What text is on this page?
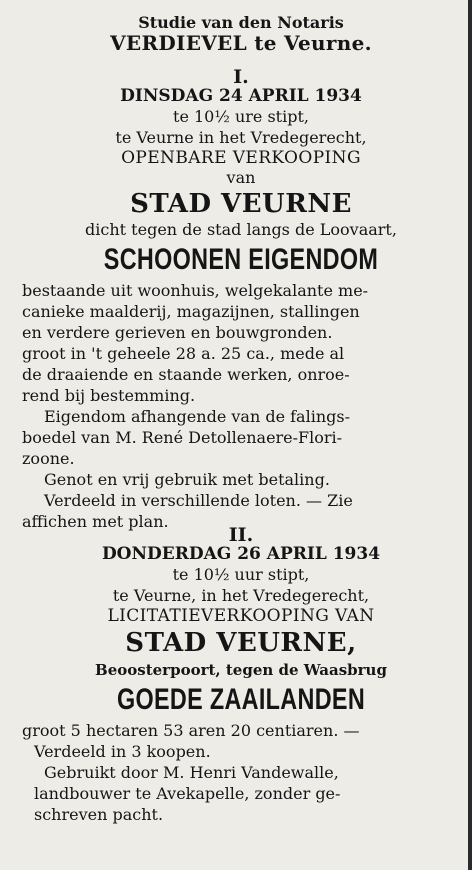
Studie van den Notaris
VERDIEVEL te Veurne.
I.
DINSDAG 24 APRIL 1934
te 10½ ure stipt,
te Veurne in het Vredegerecht,
OPENBARE VERKOOPING
van
STAD VEURNE
dicht tegen de stad langs de Loovaart,
SCHOONEN EIGENDOM

bestaande uit woonhuis, welgekalante me-

canieke maalderij, magazijnen, stallingen

en verdere gerieven en bouwgronden.

groot in 't geheele 28 a. 25 ca., mede al

de draaiende en staande werken, onroe-

rend bij bestemming.

Eigendom afhangende van de falings-

boedel van M. René Detollenaere-Flori-

zoone.

Genot en vrij gebruik met betaling.

Verdeeld in verschillende loten. — Zie

affichen met plan.

II.
DONDERDAG 26 APRIL 1934
te 10½ uur stipt,
te Veurne, in het Vredegerecht,
LICITATIEVERKOOPING VAN
STAD VEURNE,
Beoosterpoort, tegen de Waasbrug
GOEDE ZAAILANDEN

groot 5 hectaren 53 aren 20 centiaren. —

Verdeeld in 3 koopen.

Gebruikt door M. Henri Vandewalle,

landbouwer te Avekapelle, zonder ge-

schreven pacht.
